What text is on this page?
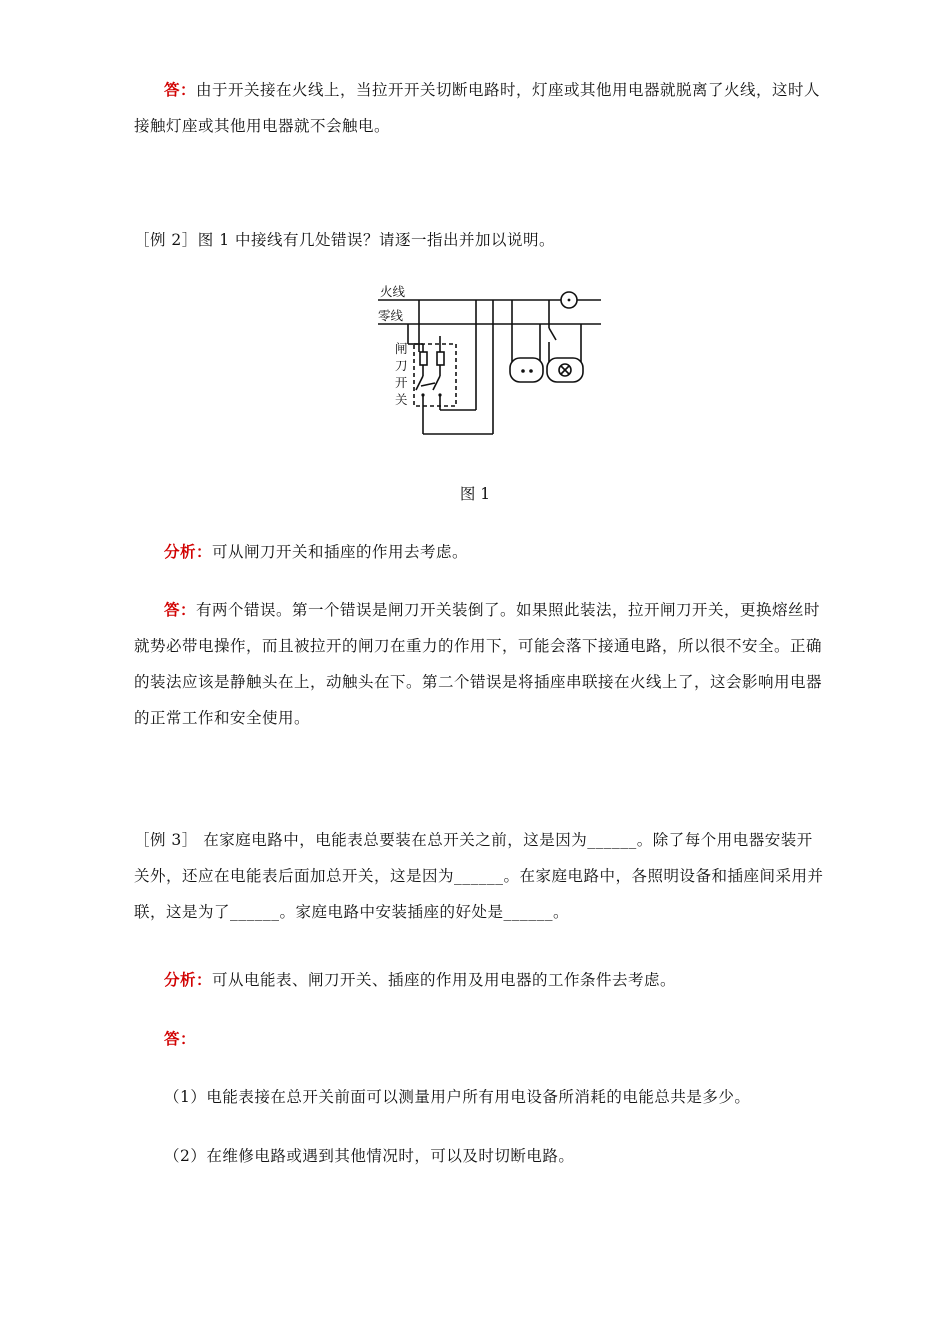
答：由于开关接在火线上，当拉开开关切断电路时，灯座或其他用电器就脱离了火线，这时人接触灯座或其他用电器就不会触电。

［例 2］图 1 中接线有几处错误？请逐一指出并加以说明。

火线
零线
闸
刀
开
关
图 1

分析：可从闸刀开关和插座的作用去考虑。

答：有两个错误。第一个错误是闸刀开关装倒了。如果照此装法，拉开闸刀开关，更换熔丝时就势必带电操作，而且被拉开的闸刀在重力的作用下，可能会落下接通电路，所以很不安全。正确的装法应该是静触头在上，动触头在下。第二个错误是将插座串联接在火线上了，这会影响用电器的正常工作和安全使用。

［例 3］ 在家庭电路中，电能表总要装在总开关之前，这是因为______。除了每个用电器安装开关外，还应在电能表后面加总开关，这是因为______。在家庭电路中，各照明设备和插座间采用并联，这是为了______。家庭电路中安装插座的好处是______。

分析：可从电能表、闸刀开关、插座的作用及用电器的工作条件去考虑。

答：

（1）电能表接在总开关前面可以测量用户所有用电设备所消耗的电能总共是多少。

（2）在维修电路或遇到其他情况时，可以及时切断电路。
